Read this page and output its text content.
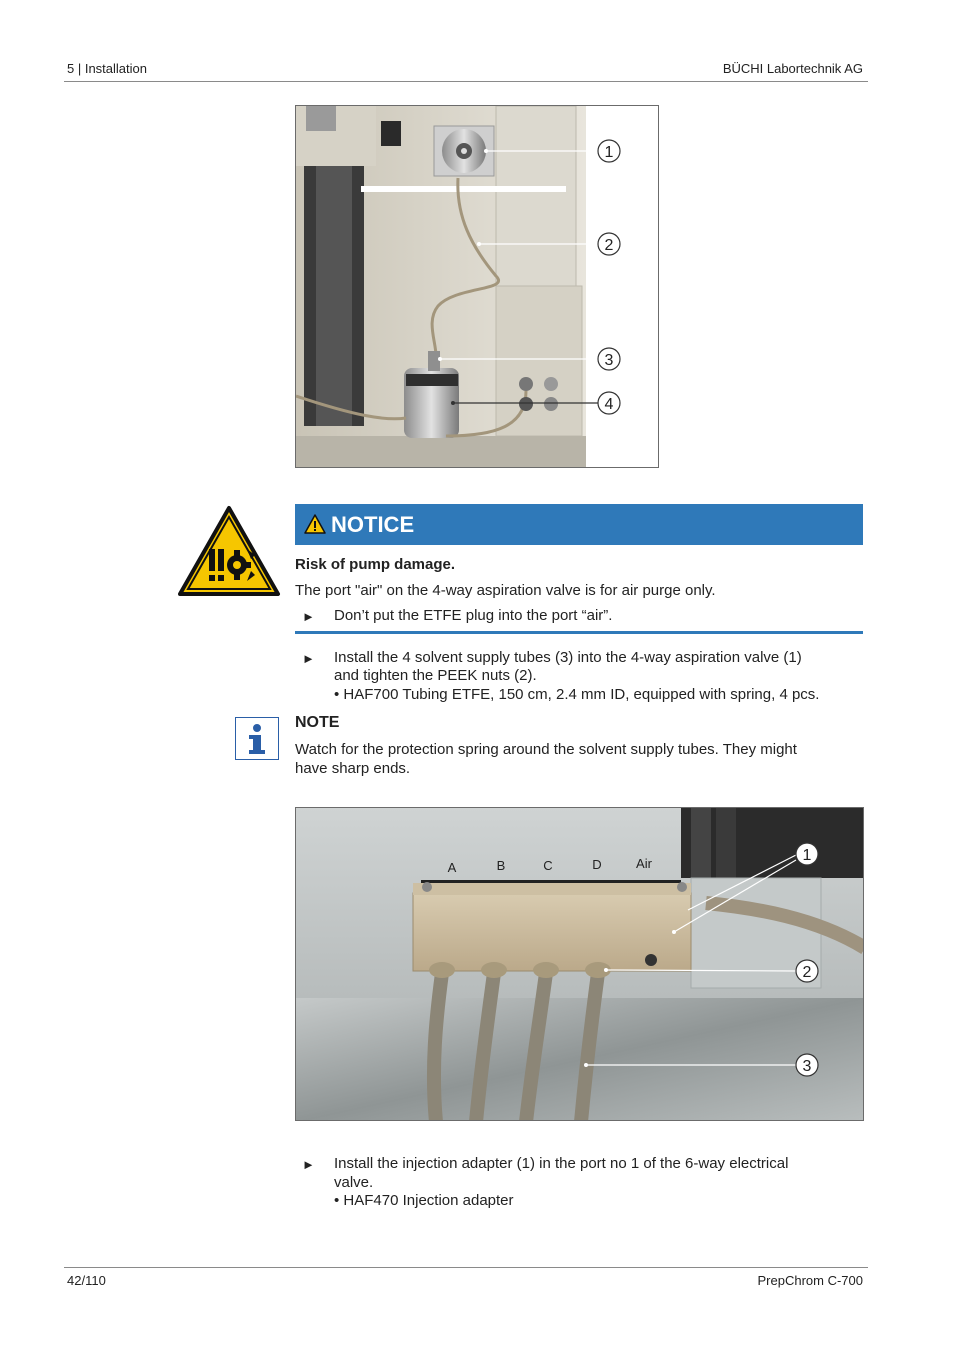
5 | Installation	BÜCHI Labortechnik AG
1
2
3
4
NOTICE
Risk of pump damage.
The port "air" on the 4-way aspiration valve is for air purge only.
► Don’t put the ETFE plug into the port “air”.
► Install the 4 solvent supply tubes (3) into the 4-way aspiration valve (1)
and tighten the PEEK nuts (2).
• HAF700 Tubing ETFE, 150 cm, 2.4 mm ID, equipped with spring, 4 pcs.
NOTE
Watch for the protection spring around the solvent supply tubes. They might
have sharp ends.
A	B	C	D	Air	1
2
3
► Install the injection adapter (1) in the port no 1 of the 6-way electrical
valve.
• HAF470 Injection adapter
42/110	PrepChrom C-700
